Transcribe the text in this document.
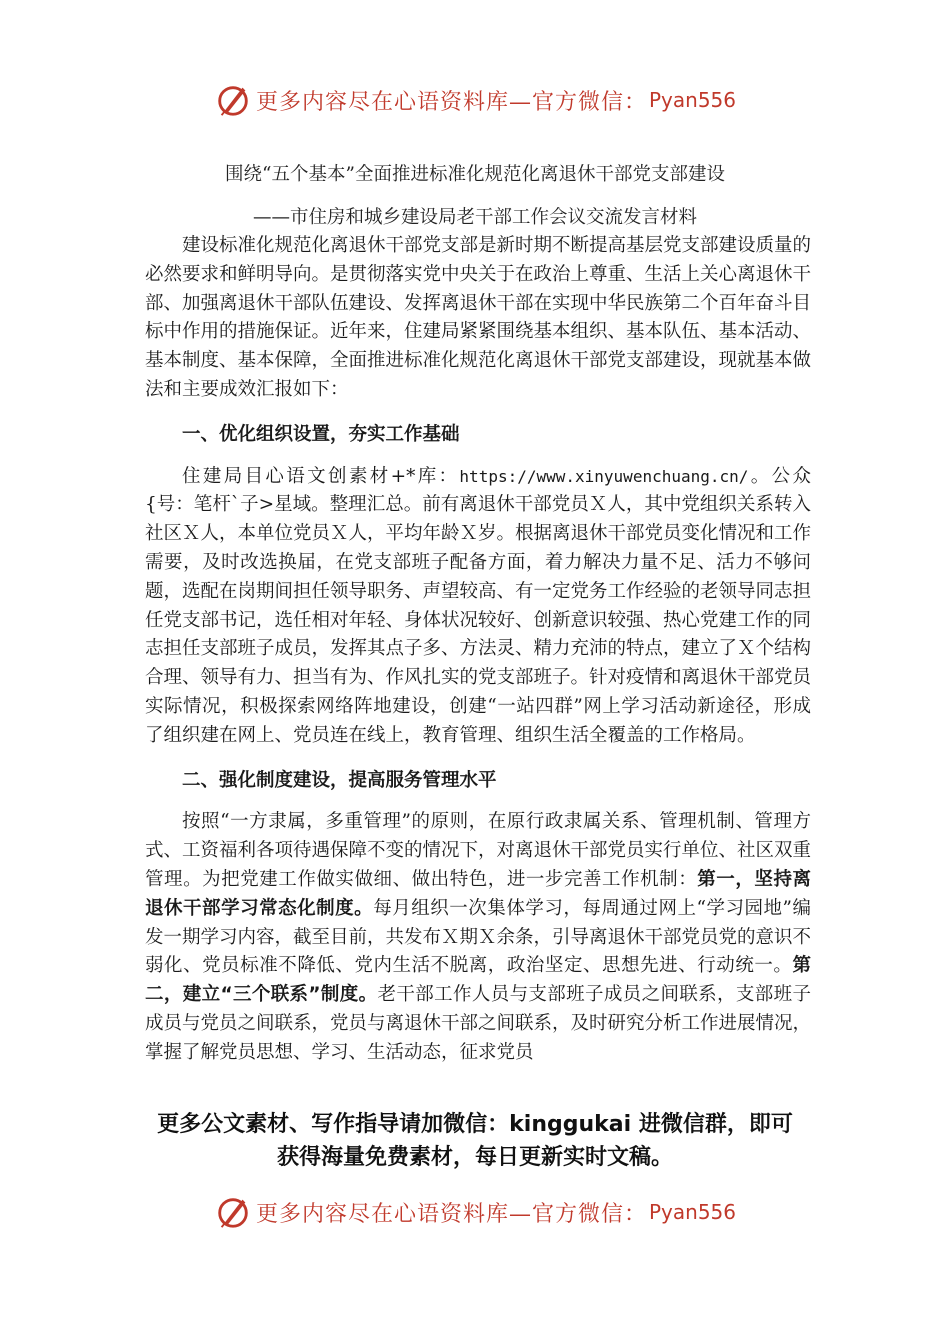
更多内容尽在心语资料库—官方微信： Pyan556
围绕“五个基本”全面推进标准化规范化离退休干部党支部建设
——市住房和城乡建设局老干部工作会议交流发言材料

建设标准化规范化离退休干部党支部是新时期不断提高基层党支部建设质量的必然要求和鲜明导向。是贯彻落实党中央关于在政治上尊重、生活上关心离退休干部、加强离退休干部队伍建设、发挥离退休干部在实现中华民族第二个百年奋斗目标中作用的措施保证。近年来，住建局紧紧围绕基本组织、基本队伍、基本活动、基本制度、基本保障，全面推进标准化规范化离退休干部党支部建设，现就基本做法和主要成效汇报如下：

一、优化组织设置，夯实工作基础

住建局目心语文创素材+*库：https://www.xinyuwenchuang.cn/。公众{号：笔杆`子>星域。整理汇总。前有离退休干部党员Ｘ人，其中党组织关系转入社区Ｘ人，本单位党员Ｘ人，平均年龄Ｘ岁。根据离退休干部党员变化情况和工作需要，及时改选换届，在党支部班子配备方面，着力解决力量不足、活力不够问题，选配在岗期间担任领导职务、声望较高、有一定党务工作经验的老领导同志担任党支部书记，选任相对年轻、身体状况较好、创新意识较强、热心党建工作的同志担任支部班子成员，发挥其点子多、方法灵、精力充沛的特点，建立了Ｘ个结构合理、领导有力、担当有为、作风扎实的党支部班子。针对疫情和离退休干部党员实际情况，积极探索网络阵地建设，创建“一站四群”网上学习活动新途径，形成了组织建在网上、党员连在线上，教育管理、组织生活全覆盖的工作格局。

二、强化制度建设，提高服务管理水平

按照“一方隶属，多重管理”的原则，在原行政隶属关系、管理机制、管理方式、工资福利各项待遇保障不变的情况下，对离退休干部党员实行单位、社区双重管理。为把党建工作做实做细、做出特色，进一步完善工作机制：第一，坚持离退休干部学习常态化制度。每月组织一次集体学习，每周通过网上“学习园地”编发一期学习内容，截至目前，共发布Ｘ期Ｘ余条，引导离退休干部党员党的意识不弱化、党员标准不降低、党内生活不脱离，政治坚定、思想先进、行动统一。第二，建立“三个联系”制度。老干部工作人员与支部班子成员之间联系，支部班子成员与党员之间联系，党员与离退休干部之间联系，及时研究分析工作进展情况，掌握了解党员思想、学习、生活动态，征求党员

更多公文素材、写作指导请加微信：kinggukai 进微信群，即可
获得海量免费素材，每日更新实时文稿。
更多内容尽在心语资料库—官方微信： Pyan556
